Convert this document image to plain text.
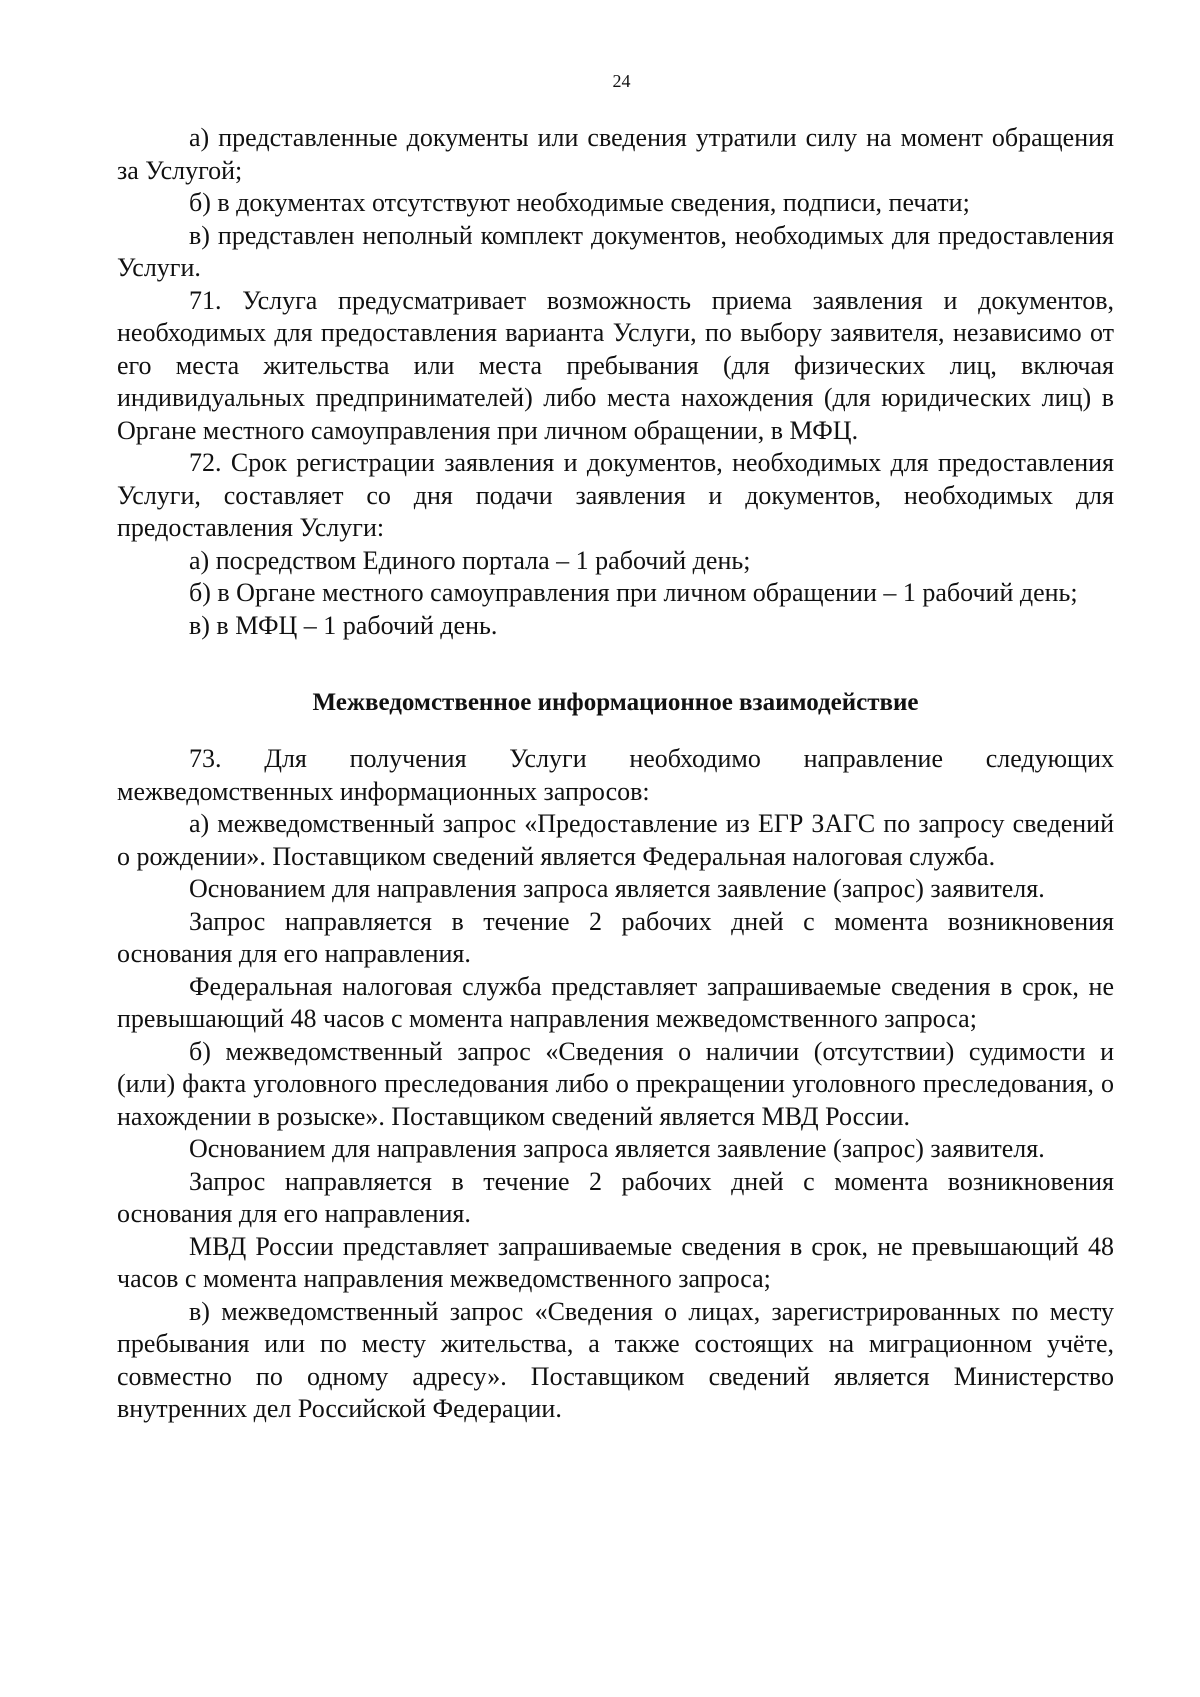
24

а) представленные документы или сведения утратили силу на момент обращения за Услугой;

б) в документах отсутствуют необходимые сведения, подписи, печати;

в) представлен неполный комплект документов, необходимых для предоставления Услуги.

71. Услуга предусматривает возможность приема заявления и документов, необходимых для предоставления варианта Услуги, по выбору заявителя, независимо от его места жительства или места пребывания (для физических лиц, включая индивидуальных предпринимателей) либо места нахождения (для юридических лиц) в Органе местного самоуправления при личном обращении, в МФЦ.

72. Срок регистрации заявления и документов, необходимых для предоставления Услуги, составляет со дня подачи заявления и документов, необходимых для предоставления Услуги:

а) посредством Единого портала – 1 рабочий день;

б) в Органе местного самоуправления при личном обращении – 1 рабочий день;

в) в МФЦ – 1 рабочий день.

Межведомственное информационное взаимодействие

73. Для получения Услуги необходимо направление следующих межведомственных информационных запросов:

а) межведомственный запрос «Предоставление из ЕГР ЗАГС по запросу сведений о рождении». Поставщиком сведений является Федеральная налоговая служба.

Основанием для направления запроса является заявление (запрос) заявителя.

Запрос направляется в течение 2 рабочих дней с момента возникновения основания для его направления.

Федеральная налоговая служба представляет запрашиваемые сведения в срок, не превышающий 48 часов с момента направления межведомственного запроса;

б) межведомственный запрос «Сведения о наличии (отсутствии) судимости и (или) факта уголовного преследования либо о прекращении уголовного преследования, о нахождении в розыске». Поставщиком сведений является МВД России.

Основанием для направления запроса является заявление (запрос) заявителя.

Запрос направляется в течение 2 рабочих дней с момента возникновения основания для его направления.

МВД России представляет запрашиваемые сведения в срок, не превышающий 48 часов с момента направления межведомственного запроса;

в) межведомственный запрос «Сведения о лицах, зарегистрированных по месту пребывания или по месту жительства, а также состоящих на миграционном учёте, совместно по одному адресу». Поставщиком сведений является Министерство внутренних дел Российской Федерации.
